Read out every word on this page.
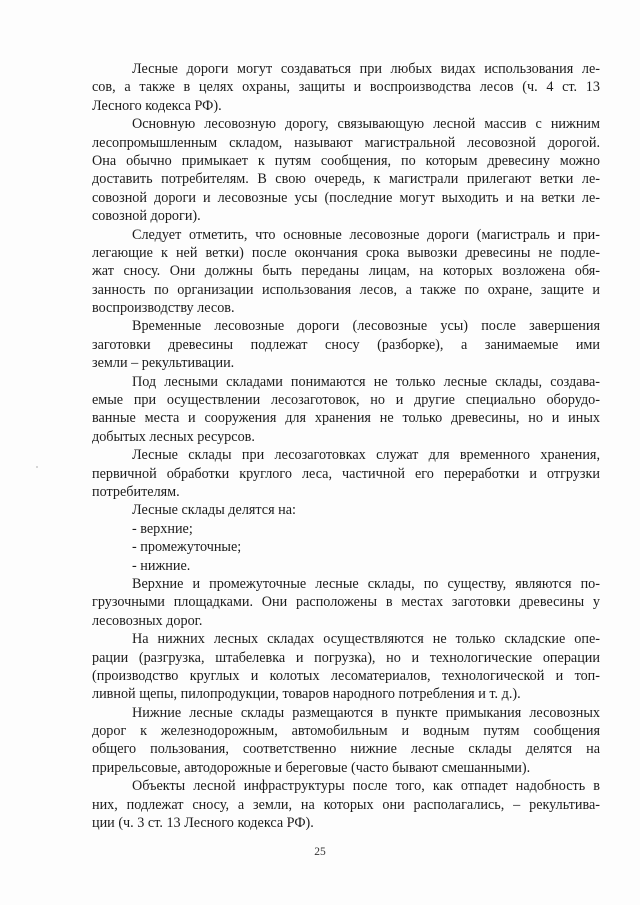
Лесные дороги могут создаваться при любых видах использования ле-
сов, а также в целях охраны, защиты и воспроизводства лесов (ч. 4 ст. 13
Лесного кодекса РФ).
Основную лесовозную дорогу, связывающую лесной массив с нижним
лесопромышленным складом, называют магистральной лесовозной дорогой.
Она обычно примыкает к путям сообщения, по которым древесину можно
доставить потребителям. В свою очередь, к магистрали прилегают ветки ле-
совозной дороги и лесовозные усы (последние могут выходить и на ветки ле-
совозной дороги).
Следует отметить, что основные лесовозные дороги (магистраль и при-
легающие к ней ветки) после окончания срока вывозки древесины не подле-
жат сносу. Они должны быть переданы лицам, на которых возложена обя-
занность по организации использования лесов, а также по охране, защите и
воспроизводству лесов.
Временные лесовозные дороги (лесовозные усы) после завершения
заготовки древесины подлежат сносу (разборке), а занимаемые ими
земли – рекультивации.
Под лесными складами понимаются не только лесные склады, создава-
емые при осуществлении лесозаготовок, но и другие специально оборудо-
ванные места и сооружения для хранения не только древесины, но и иных
добытых лесных ресурсов.
Лесные склады при лесозаготовках служат для временного хранения,
первичной обработки круглого леса, частичной его переработки и отгрузки
потребителям.
Лесные склады делятся на:
- верхние;
- промежуточные;
- нижние.
Верхние и промежуточные лесные склады, по существу, являются по-
грузочными площадками. Они расположены в местах заготовки древесины у
лесовозных дорог.
На нижних лесных складах осуществляются не только складские опе-
рации (разгрузка, штабелевка и погрузка), но и технологические операции
(производство круглых и колотых лесоматериалов, технологической и топ-
ливной щепы, пилопродукции, товаров народного потребления и т. д.).
Нижние лесные склады размещаются в пункте примыкания лесовозных
дорог к железнодорожным, автомобильным и водным путям сообщения
общего пользования, соответственно нижние лесные склады делятся на
прирельсовые, автодорожные и береговые (часто бывают смешанными).
Объекты лесной инфраструктуры после того, как отпадет надобность в
них, подлежат сносу, а земли, на которых они располагались, – рекультива-
ции (ч. 3 ст. 13 Лесного кодекса РФ).
25
